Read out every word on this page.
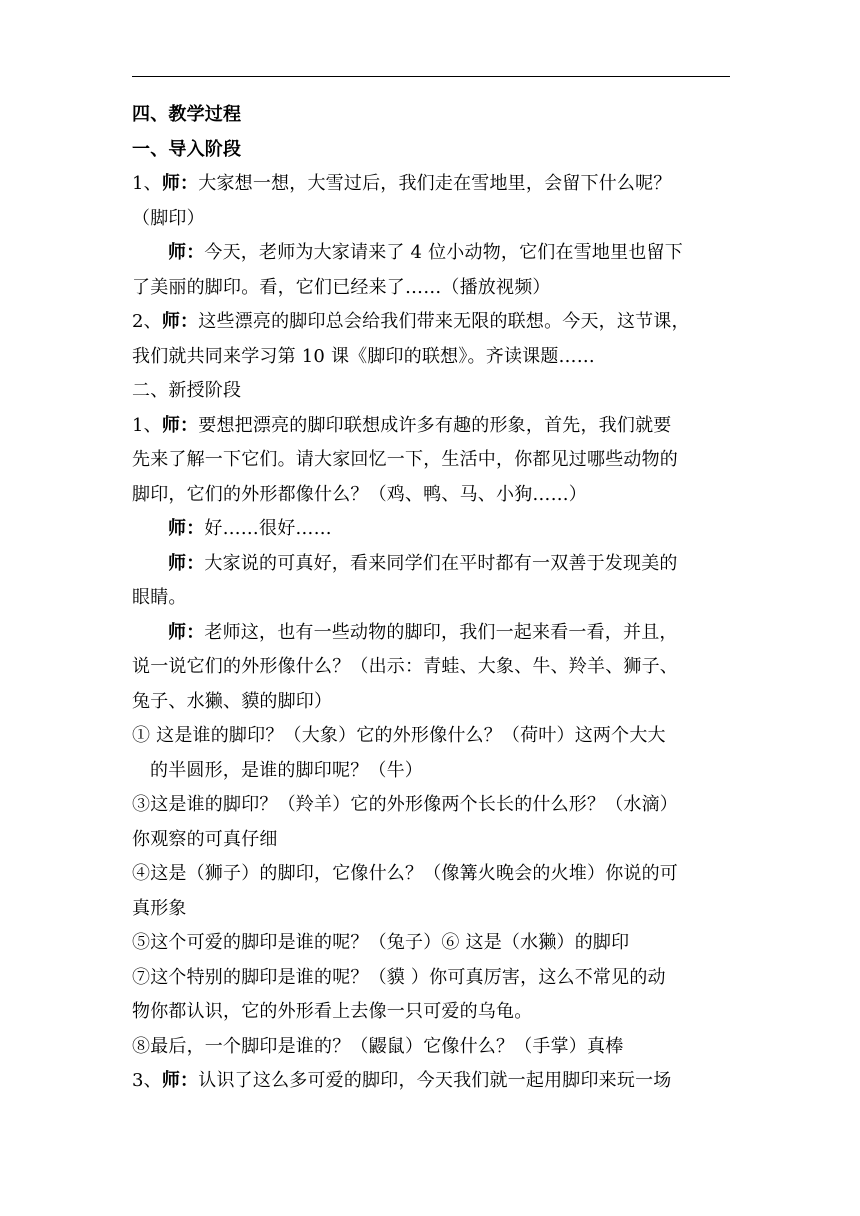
四、教学过程
一、导入阶段
1、师：大家想一想，大雪过后，我们走在雪地里，会留下什么呢？
（脚印）
师：今天，老师为大家请来了 4 位小动物，它们在雪地里也留下
了美丽的脚印。看，它们已经来了……（播放视频）
2、师：这些漂亮的脚印总会给我们带来无限的联想。今天，这节课，
我们就共同来学习第 10 课《脚印的联想》。齐读课题……
二、新授阶段
1、师：要想把漂亮的脚印联想成许多有趣的形象，首先，我们就要
先来了解一下它们。请大家回忆一下，生活中，你都见过哪些动物的
脚印，它们的外形都像什么？（鸡、鸭、马、小狗……）
师：好……很好……
师：大家说的可真好，看来同学们在平时都有一双善于发现美的
眼睛。
师：老师这，也有一些动物的脚印，我们一起来看一看，并且，
说一说它们的外形像什么？（出示：青蛙、大象、牛、羚羊、狮子、
兔子、水獭、貘的脚印）
① 这是谁的脚印？（大象）它的外形像什么？（荷叶）这两个大大
的半圆形，是谁的脚印呢？（牛）
③这是谁的脚印？（羚羊）它的外形像两个长长的什么形？（水滴）
你观察的可真仔细
④这是（狮子）的脚印，它像什么？（像篝火晚会的火堆）你说的可
真形象
⑤这个可爱的脚印是谁的呢？（兔子）⑥ 这是（水獭）的脚印
⑦这个特别的脚印是谁的呢？（貘 ）你可真厉害，这么不常见的动
物你都认识，它的外形看上去像一只可爱的乌龟。
⑧最后，一个脚印是谁的？（鼹鼠）它像什么？（手掌）真棒
3、师：认识了这么多可爱的脚印，今天我们就一起用脚印来玩一场
